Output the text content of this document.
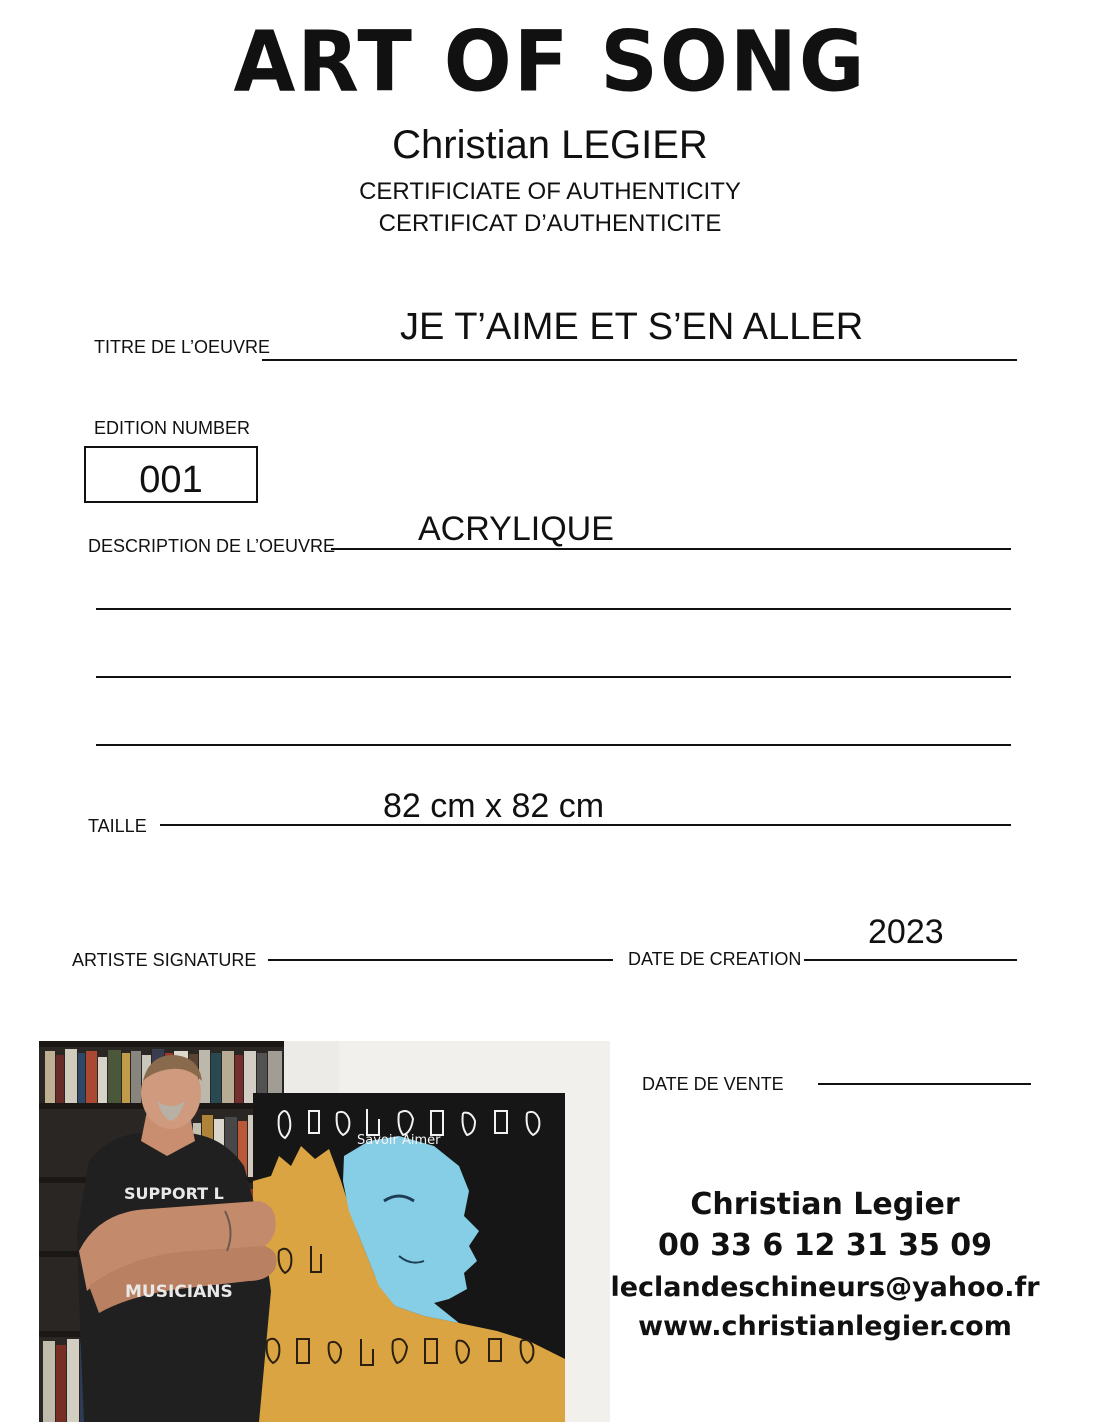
ART OF SONG
Christian LEGIER
CERTIFICIATE OF AUTHENTICITY
CERTIFICAT D’AUTHENTICITE
TITRE DE L’OEUVRE	JE T’AIME ET S’EN ALLER
EDITION NUMBER
001
DESCRIPTION DE L’OEUVRE ACRYLIQUE
TAILLE
82 cm x 82 cm
ARTISTE SIGNATURE	DATE DE CREATION
2023
Savoir Aimer
SUPPORT L
MUSICIANS
DATE DE VENTE
Christian Legier
00 33 6 12 31 35 09
leclandeschineurs@yahoo.fr
www.christianlegier.com
